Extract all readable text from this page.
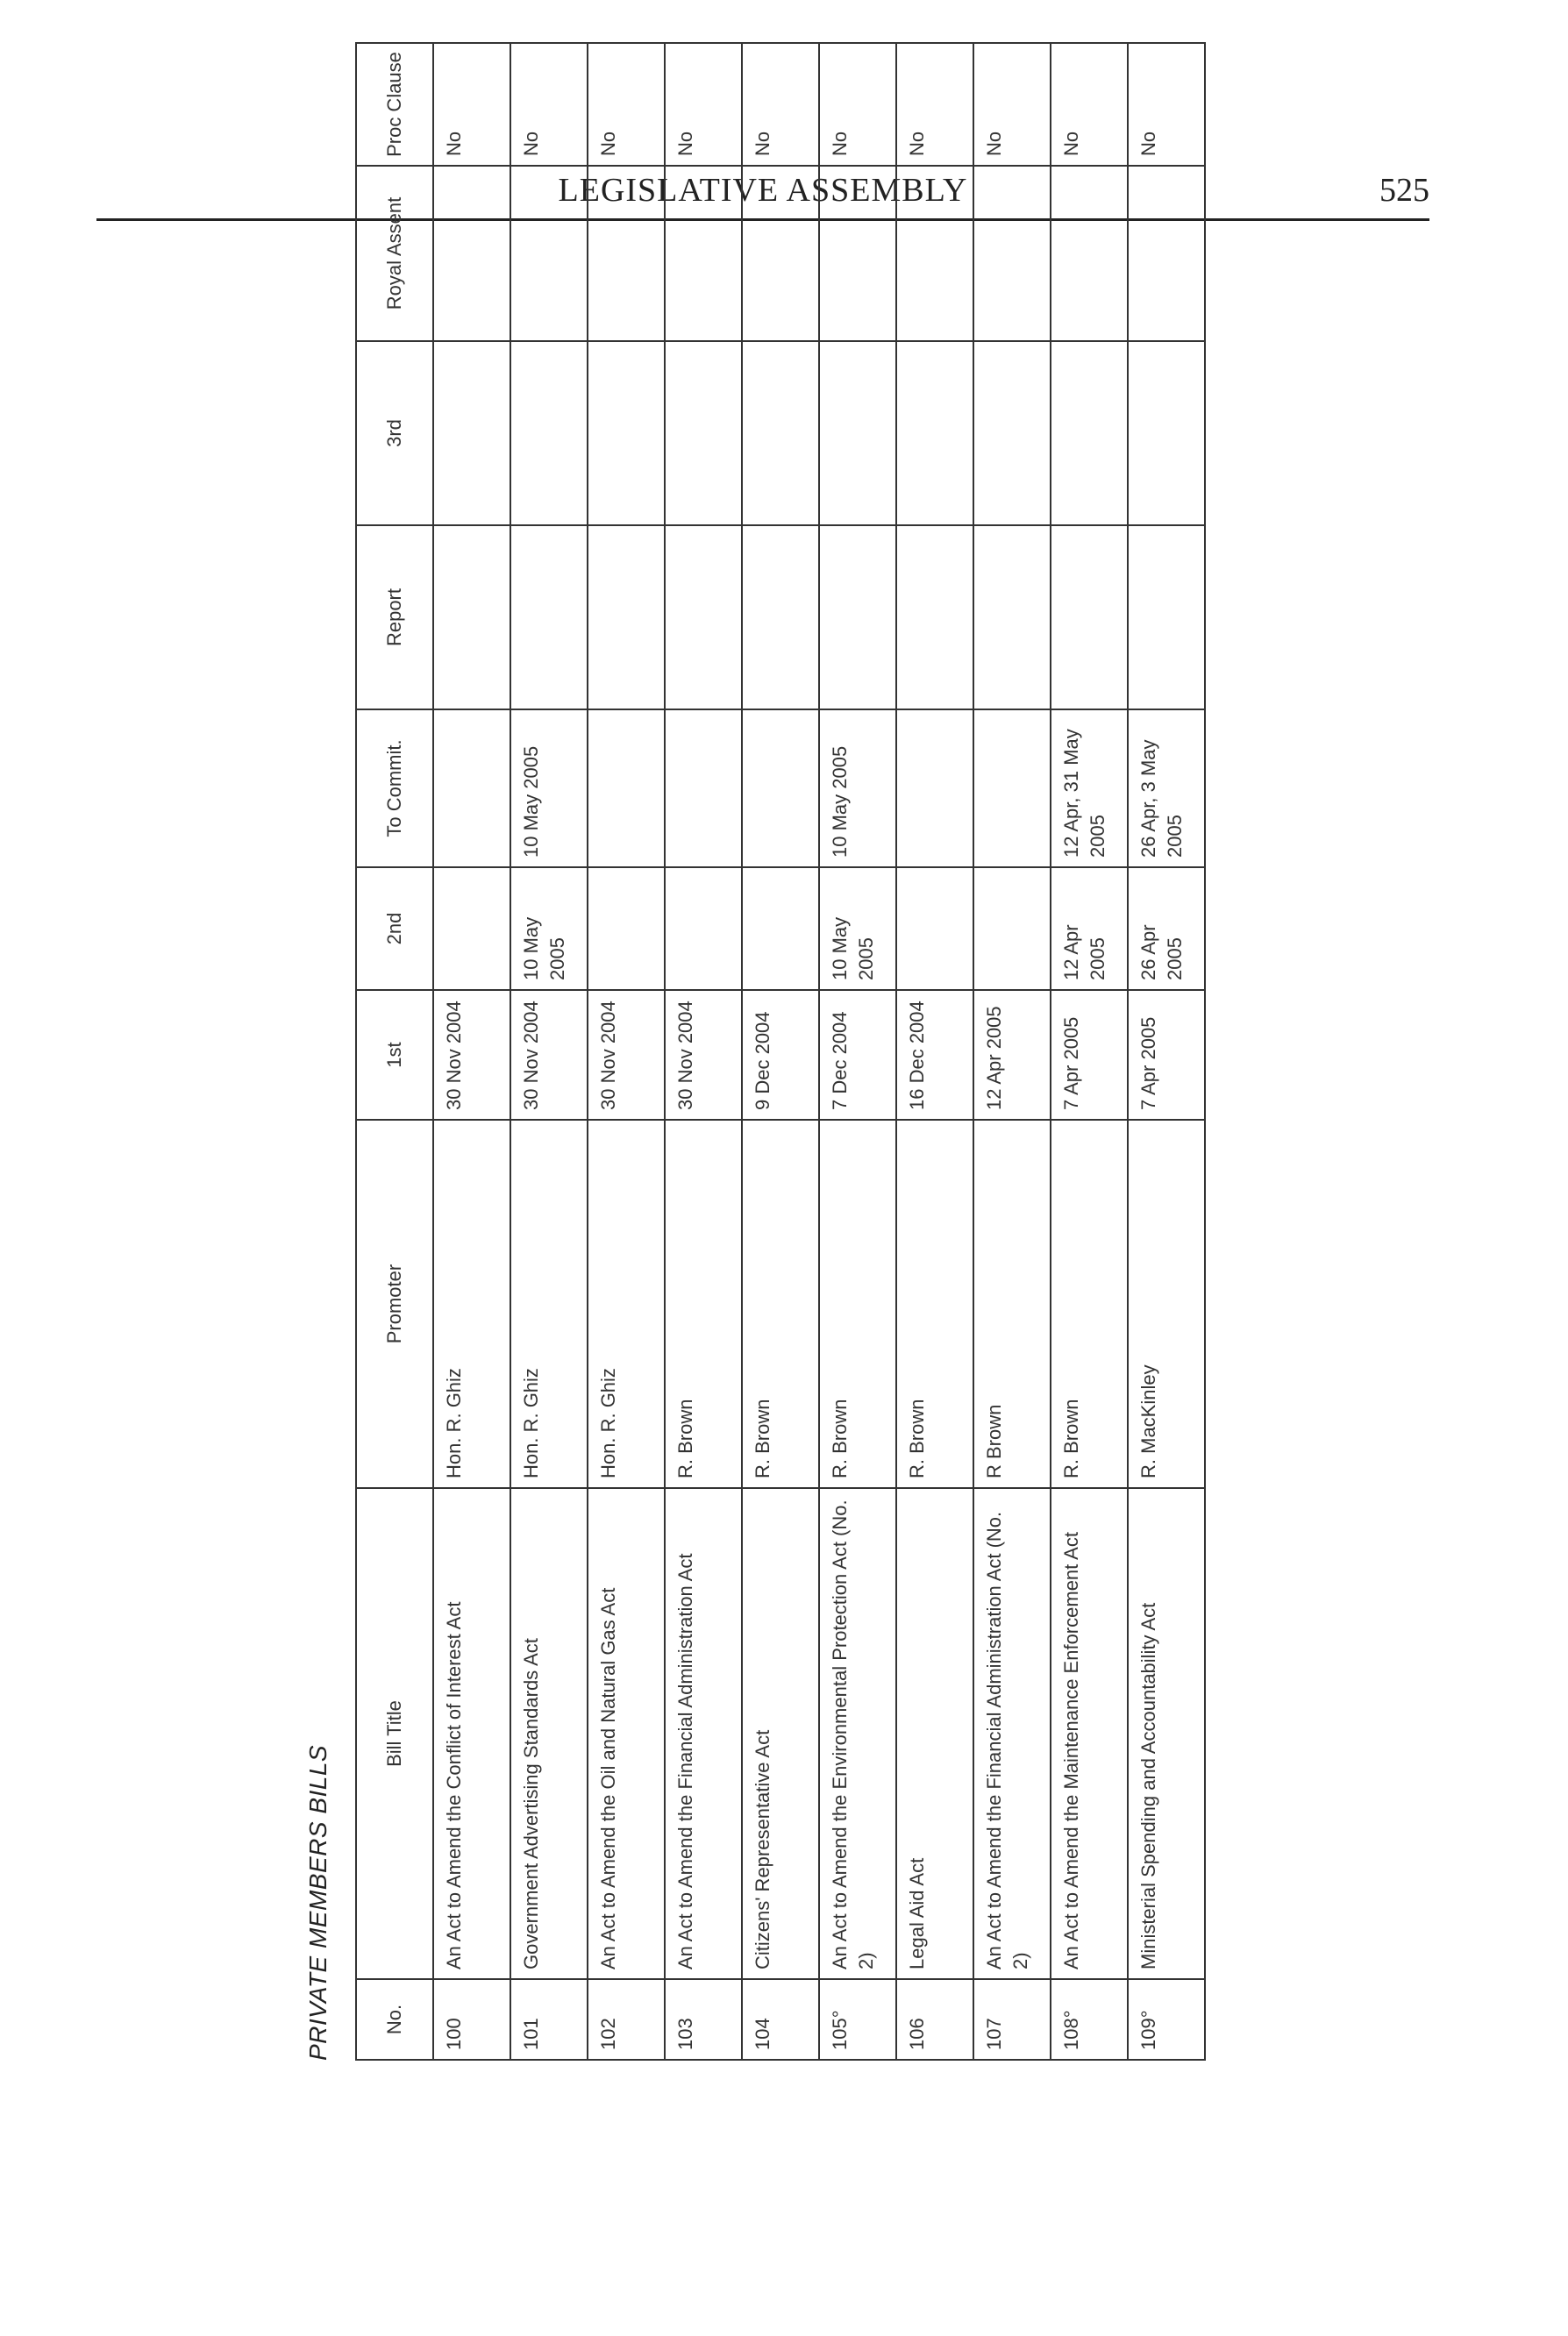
LEGISLATIVE ASSEMBLY	525
PRIVATE MEMBERS BILLS	No.	Bill Title	Promoter	1st	2nd	To Commit.	Report	3rd	Royal Assent	Proc Clause
100	An Act to Amend the Conflict of Interest Act	Hon. R. Ghiz	30 Nov 2004						No
101	Government Advertising Standards Act	Hon. R. Ghiz	30 Nov 2004	10 May 2005	10 May 2005				No
102	An Act to Amend the Oil and Natural Gas Act	Hon. R. Ghiz	30 Nov 2004						No
103	An Act to Amend the Financial Administration Act	R. Brown	30 Nov 2004						No
104	Citizens' Representative Act	R. Brown	9 Dec 2004						No
105°	An Act to Amend the Environmental Protection Act (No. 2)	R. Brown	7 Dec 2004	10 May 2005	10 May 2005				No
106	Legal Aid Act	R. Brown	16 Dec 2004						No
107	An Act to Amend the Financial Administration Act (No. 2)	R Brown	12 Apr 2005						No
108°	An Act to Amend the Maintenance Enforcement Act	R. Brown	7 Apr 2005	12 Apr 2005	12 Apr, 31 May 2005				No
109°	Ministerial Spending and Accountability Act	R. MacKinley	7 Apr 2005	26 Apr 2005	26 Apr, 3 May 2005				No
